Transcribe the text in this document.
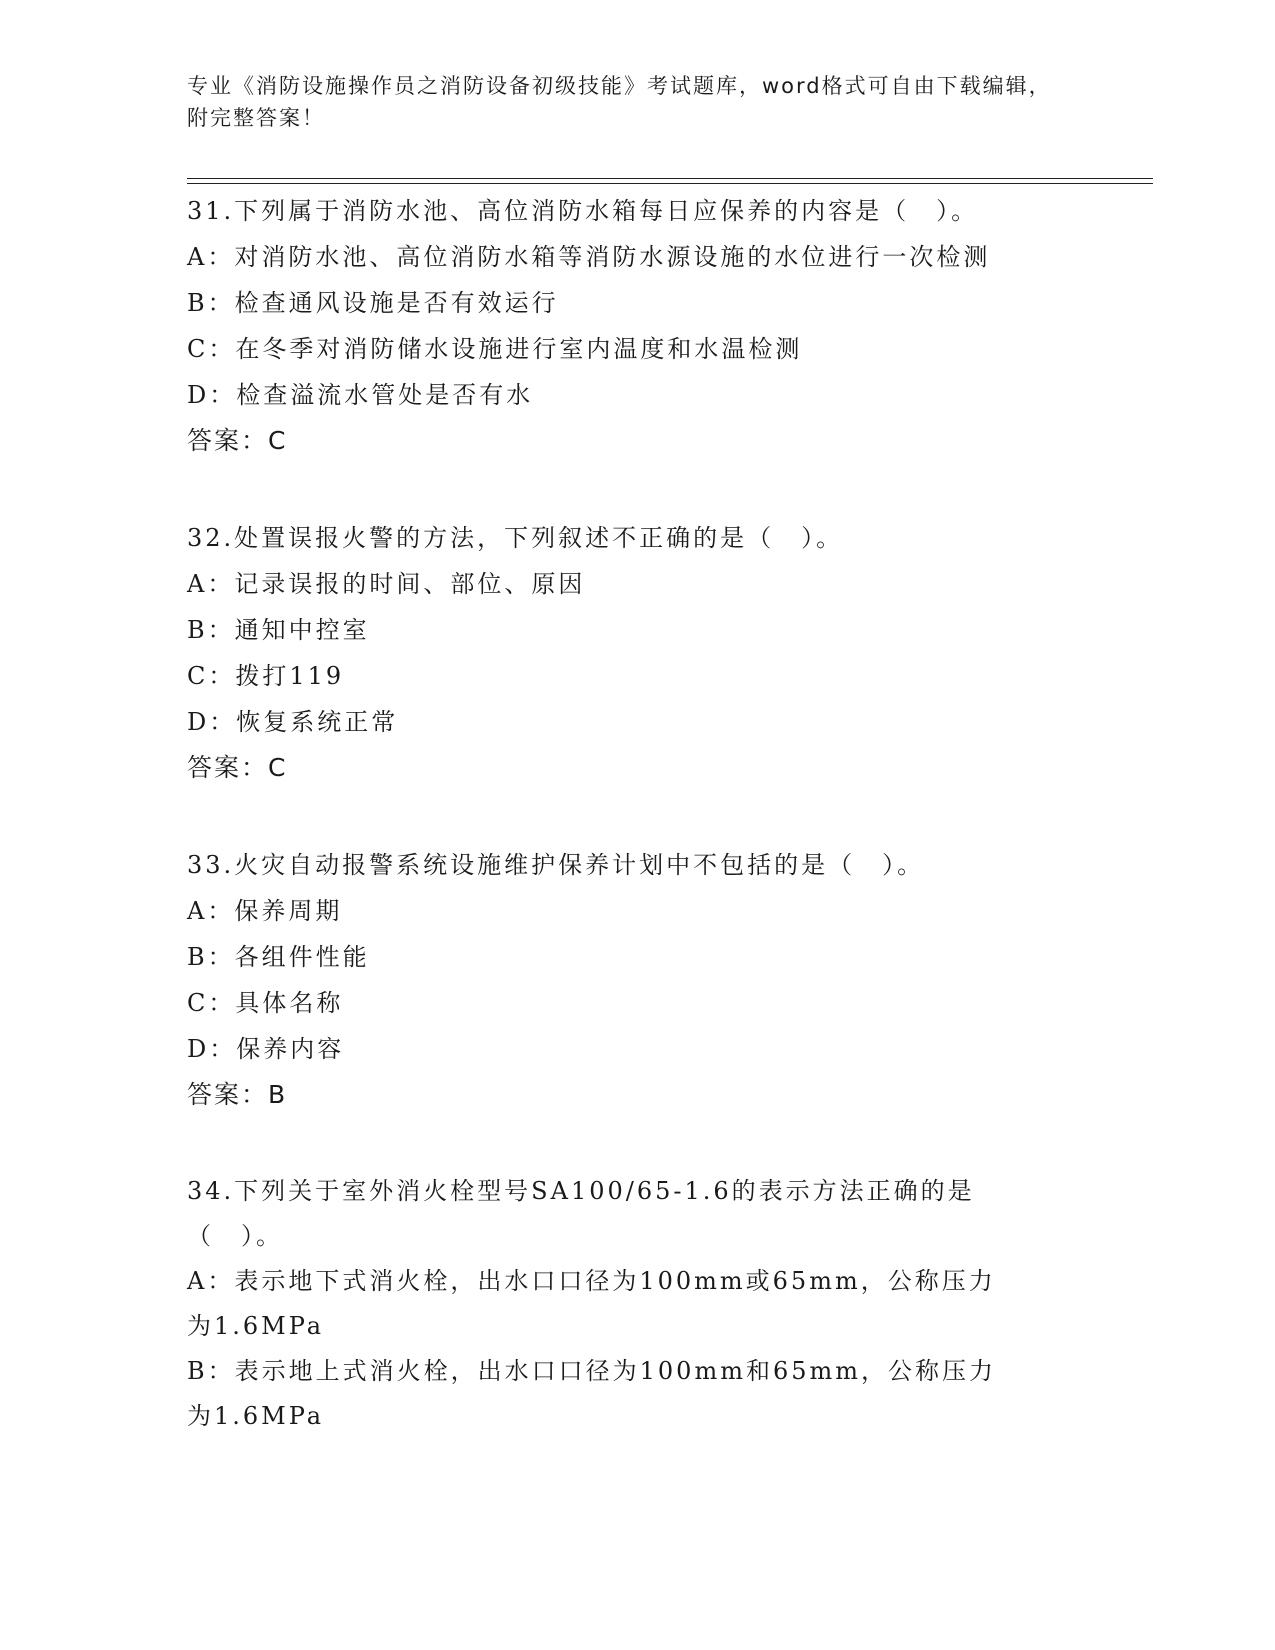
专业《消防设施操作员之消防设备初级技能》考试题库，word格式可自由下载编辑，附完整答案！
31.下列属于消防水池、高位消防水箱每日应保养的内容是（　）。
A：对消防水池、高位消防水箱等消防水源设施的水位进行一次检测
B：检查通风设施是否有效运行
C：在冬季对消防储水设施进行室内温度和水温检测
D：检查溢流水管处是否有水
答案：C
32.处置误报火警的方法，下列叙述不正确的是（　）。
A：记录误报的时间、部位、原因
B：通知中控室
C：拨打119
D：恢复系统正常
答案：C
33.火灾自动报警系统设施维护保养计划中不包括的是（　）。
A：保养周期
B：各组件性能
C：具体名称
D：保养内容
答案：B
34.下列关于室外消火栓型号SA100/65-1.6的表示方法正确的是（　）。
A：表示地下式消火栓，出水口口径为100mm或65mm，公称压力为1.6MPa
B：表示地上式消火栓，出水口口径为100mm和65mm，公称压力为1.6MPa
